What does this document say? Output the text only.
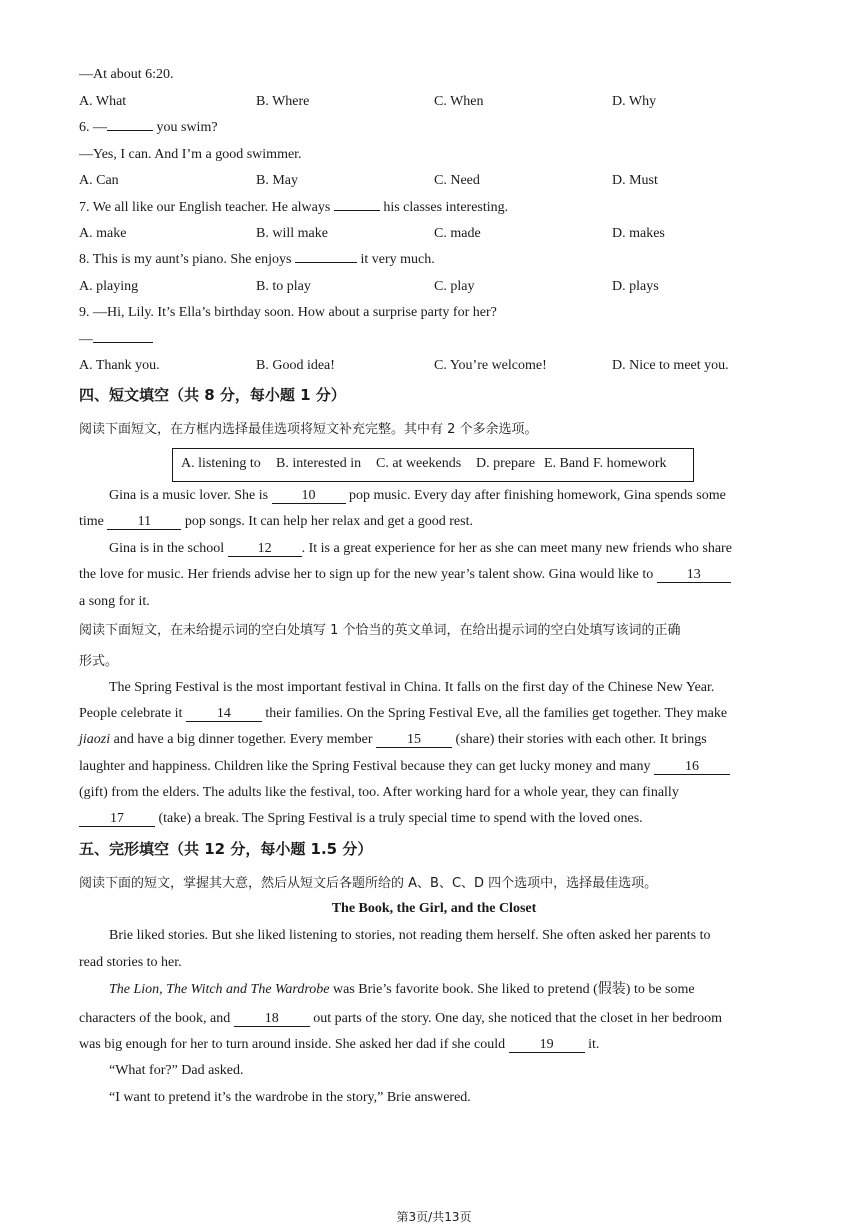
—At about 6:20.
A. What	B. Where	C. When	D. Why
6. —	you swim?
—Yes, I can. And I’m a good swimmer.
A. Can	B. May	C. Need	D. Must
7. We all like our English teacher. He always	his classes interesting.
A. make	B. will make	C. made	D. makes
8. This is my aunt’s piano. She enjoys	it very much.
A. playing	B. to play	C. play	D. plays
9. —Hi, Lily. It’s Ella’s birthday soon. How about a surprise party for her?
—
A. Thank you.	B. Good idea!	C. You’re welcome!	D. Nice to meet you.
四、短文填空（共 8 分，每小题 1 分）
阅读下面短文，在方框内选择最佳选项将短文补充完整。其中有 2 个多余选项。
A. listening to B. interested in C. at weekends D. prepare E. Band F. homework
Gina is a music lover. She is 10 pop music. Every day after finishing homework, Gina spends some
time 11 pop songs. It can help her relax and get a good rest.
Gina is in the school 12 . It is a great experience for her as she can meet many new friends who share
the love for music. Her friends advise her to sign up for the new year’s talent show. Gina would like to 13
a song for it.
阅读下面短文，在未给提示词的空白处填写 1 个恰当的英文单词，在给出提示词的空白处填写该词的正确
形式。
The Spring Festival is the most important festival in China. It falls on the first day of the Chinese New Year.
People celebrate it 14 their families. On the Spring Festival Eve, all the families get together. They make
jiaozi and have a big dinner together. Every member 15 (share) their stories with each other. It brings
laughter and happiness. Children like the Spring Festival because they can get lucky money and many 16
(gift) from the elders. The adults like the festival, too. After working hard for a whole year, they can finally
17 (take) a break. The Spring Festival is a truly special time to spend with the loved ones.
五、完形填空（共 12 分，每小题 1.5 分）
阅读下面的短文，掌握其大意，然后从短文后各题所给的 A、B、C、D 四个选项中，选择最佳选项。
The Book, the Girl, and the Closet
Brie liked stories. But she liked listening to stories, not reading them herself. She often asked her parents to
read stories to her.
The Lion, The Witch and The Wardrobe was Brie’s favorite book. She liked to pretend (假装) to be some
characters of the book, and 18 out parts of the story. One day, she noticed that the closet in her bedroom
was big enough for her to turn around inside. She asked her dad if she could 19 it.
“What for?” Dad asked.
“I want to pretend it’s the wardrobe in the story,” Brie answered.
第3页/共13页
